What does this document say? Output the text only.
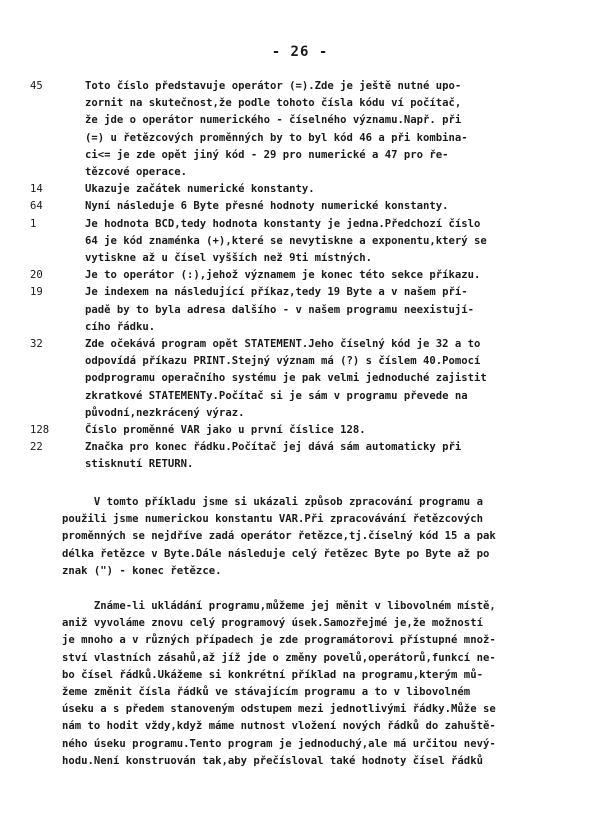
- 26 -
45	Toto číslo představuje operátor (=).Zde je ještě nutné upo-
zornit na skutečnost,že podle tohoto čísla kódu ví počítač,
že jde o operátor numerického - číselného významu.Např. při
(=) u řetězcových proměnných by to byl kód 46 a při kombina-
ci<= je zde opět jiný kód - 29 pro numerické a 47 pro ře-
tězcové operace.
14	Ukazuje začátek numerické konstanty.
64	Nyní následuje 6 Byte přesné hodnoty numerické konstanty.
1	Je hodnota BCD,tedy hodnota konstanty je jedna.Předchozí číslo
64 je kód znaménka (+),které se nevytiskne a exponentu,který se
vytiskne až u čísel vyšších než 9ti místných.
20	Je to operátor (:),jehož významem je konec této sekce příkazu.
19	Je indexem na následující příkaz,tedy 19 Byte a v našem pří-
padě by to byla adresa dalšího - v našem programu neexistují-
cího řádku.
32	Zde očekává program opět STATEMENT.Jeho číselný kód je 32 a to
odpovídá příkazu PRINT.Stejný význam má (?) s číslem 40.Pomocí
podprogramu operačního systému je pak velmi jednoduché zajistit
zkratkové STATEMENTy.Počítač si je sám v programu převede na
původní,nezkrácený výraz.
128	Číslo proměnné VAR jako u první číslice 128.
22	Značka pro konec řádku.Počítač jej dává sám automaticky při
stisknutí RETURN.
V tomto příkladu jsme si ukázali způsob zpracování programu a
použili jsme numerickou konstantu VAR.Při zpracovávání řetězcových
proměnných se nejdříve zadá operátor řetězce,tj.číselný kód 15 a pak
délka řetězce v Byte.Dále následuje celý řetězec Byte po Byte až po
znak (") - konec řetězce.
Známe-li ukládání programu,můžeme jej měnit v libovolném místě,
aniž vyvoláme znovu celý programový úsek.Samozřejmé je,že možností
je mnoho a v různých případech je zde programátorovi přístupné množ-
ství vlastních zásahů,až jíž jde o změny povelů,operátorů,funkcí ne-
bo čísel řádků.Ukážeme si konkrétní příklad na programu,kterým mů-
žeme změnit čísla řádků ve stávajícím programu a to v libovolném
úseku a s předem stanoveným odstupem mezi jednotlivými řádky.Může se
nám to hodit vždy,když máme nutnost vložení nových řádků do zahuště-
ného úseku programu.Tento program je jednoduchý,ale má určitou nevý-
hodu.Není konstruován tak,aby přečísloval také hodnoty čísel řádků
